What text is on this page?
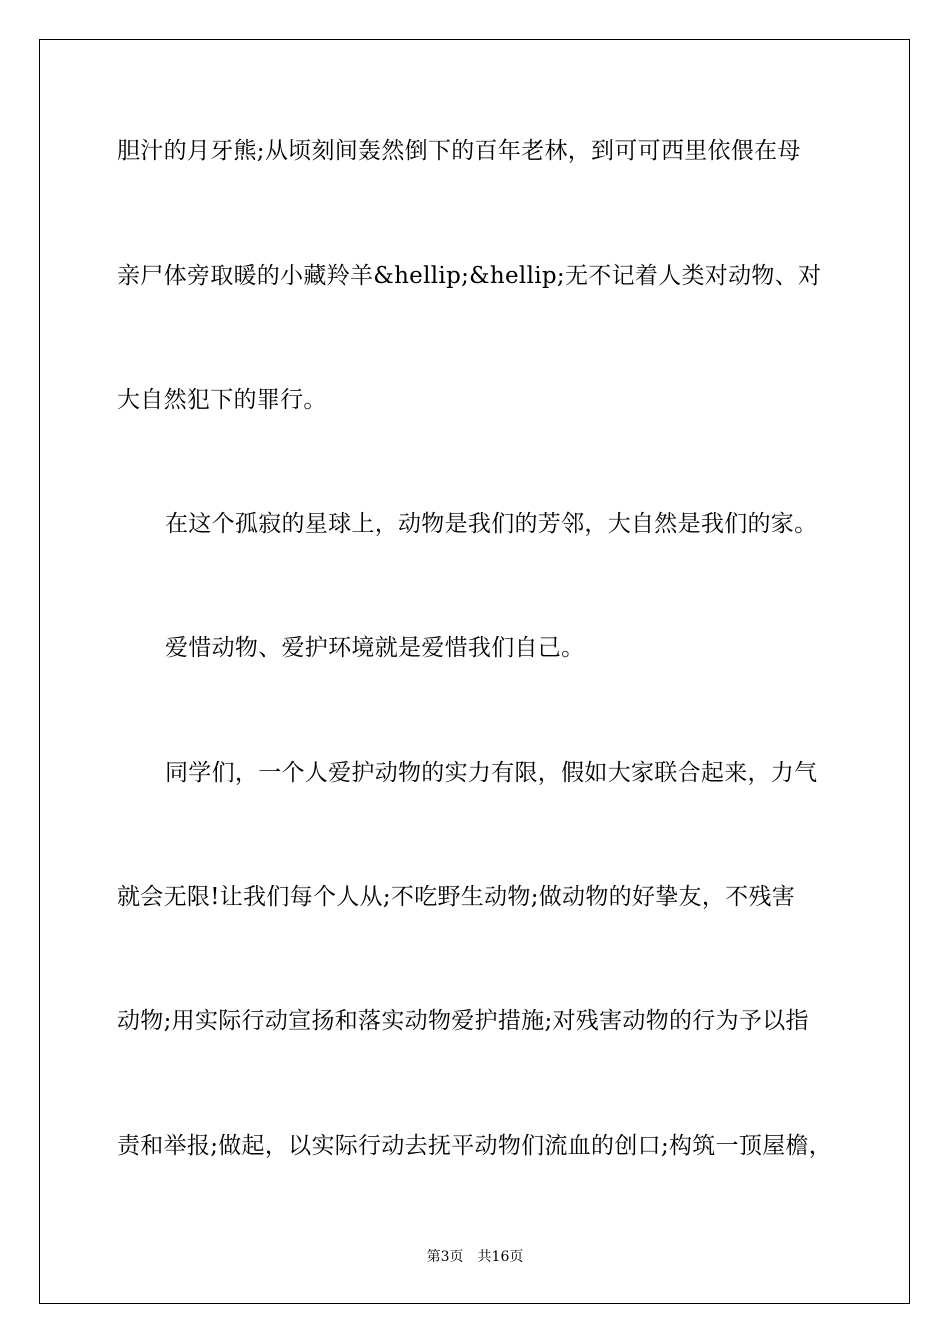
胆汁的月牙熊;从顷刻间轰然倒下的百年老林，到可可西里依偎在母

亲尸体旁取暖的小藏羚羊&hellip;&hellip;无不记着人类对动物、对

大自然犯下的罪行。

在这个孤寂的星球上，动物是我们的芳邻，大自然是我们的家。

爱惜动物、爱护环境就是爱惜我们自己。

同学们，一个人爱护动物的实力有限，假如大家联合起来，力气

就会无限!让我们每个人从;不吃野生动物;做动物的好挚友，不残害

动物;用实际行动宣扬和落实动物爱护措施;对残害动物的行为予以指

责和举报;做起，以实际行动去抚平动物们流血的创口;构筑一顶屋檐，

第3页 共16页
